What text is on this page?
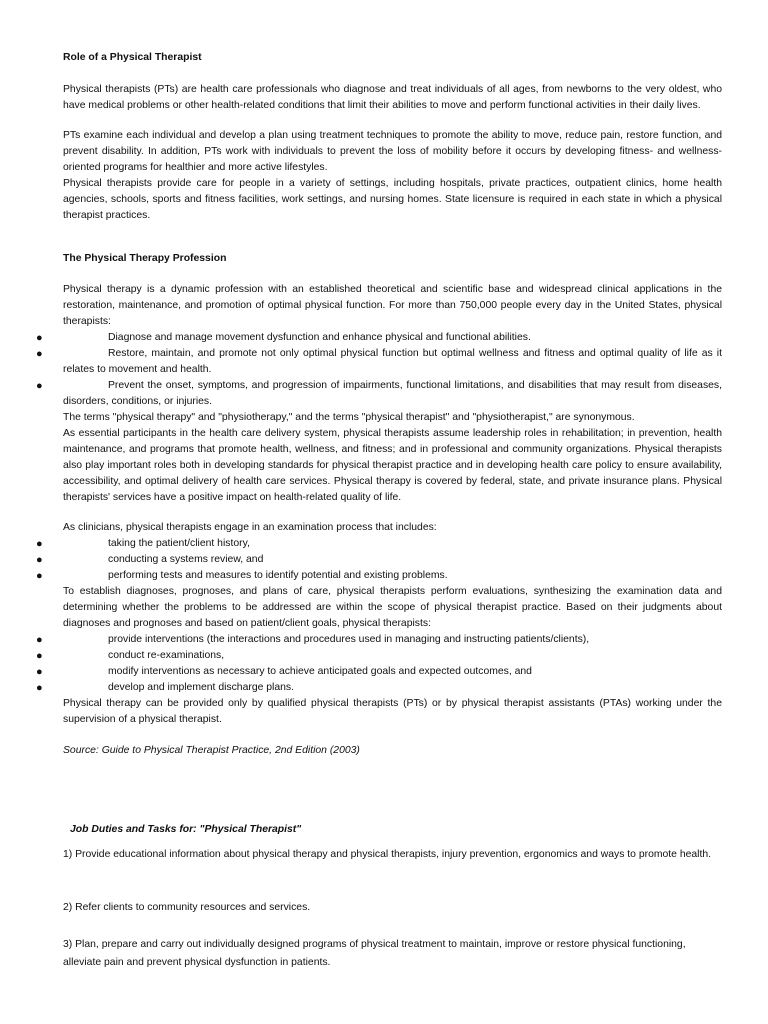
Role of a Physical Therapist
Physical therapists (PTs) are health care professionals who diagnose and treat individuals of all ages, from newborns to the very oldest, who have medical problems or other health-related conditions that limit their abilities to move and perform functional activities in their daily lives.
PTs examine each individual and develop a plan using treatment techniques to promote the ability to move, reduce pain, restore function, and prevent disability. In addition, PTs work with individuals to prevent the loss of mobility before it occurs by developing fitness- and wellness-oriented programs for healthier and more active lifestyles.
Physical therapists provide care for people in a variety of settings, including hospitals, private practices, outpatient clinics, home health agencies, schools, sports and fitness facilities, work settings, and nursing homes. State licensure is required in each state in which a physical therapist practices.
The Physical Therapy Profession
Physical therapy is a dynamic profession with an established theoretical and scientific base and widespread clinical applications in the restoration, maintenance, and promotion of optimal physical function. For more than 750,000 people every day in the United States, physical therapists:
●	Diagnose and manage movement dysfunction and enhance physical and functional abilities.
●	Restore, maintain, and promote not only optimal physical function but optimal wellness and fitness and optimal quality of life as it relates to movement and health.
●	Prevent the onset, symptoms, and progression of impairments, functional limitations, and disabilities that may result from diseases, disorders, conditions, or injuries.
The terms "physical therapy" and "physiotherapy," and the terms "physical therapist" and "physiotherapist," are synonymous.
As essential participants in the health care delivery system, physical therapists assume leadership roles in rehabilitation; in prevention, health maintenance, and programs that promote health, wellness, and fitness; and in professional and community organizations. Physical therapists also play important roles both in developing standards for physical therapist practice and in developing health care policy to ensure availability, accessibility, and optimal delivery of health care services. Physical therapy is covered by federal, state, and private insurance plans. Physical therapists' services have a positive impact on health-related quality of life.
As clinicians, physical therapists engage in an examination process that includes:
●	taking the patient/client history,
●	conducting a systems review, and
●	performing tests and measures to identify potential and existing problems.
To establish diagnoses, prognoses, and plans of care, physical therapists perform evaluations, synthesizing the examination data and determining whether the problems to be addressed are within the scope of physical therapist practice. Based on their judgments about diagnoses and prognoses and based on patient/client goals, physical therapists:
●	provide interventions (the interactions and procedures used in managing and instructing patients/clients),
●	conduct re-examinations,
●	modify interventions as necessary to achieve anticipated goals and expected outcomes, and
●	develop and implement discharge plans.
Physical therapy can be provided only by qualified physical therapists (PTs) or by physical therapist assistants (PTAs) working under the supervision of a physical therapist.
Source: Guide to Physical Therapist Practice, 2nd Edition (2003)
Job Duties and Tasks for: "Physical Therapist"
1) Provide educational information about physical therapy and physical therapists, injury prevention, ergonomics and ways to promote health.
2) Refer clients to community resources and services.
3) Plan, prepare and carry out individually designed programs of physical treatment to maintain, improve or restore physical functioning, alleviate pain and prevent physical dysfunction in patients.
